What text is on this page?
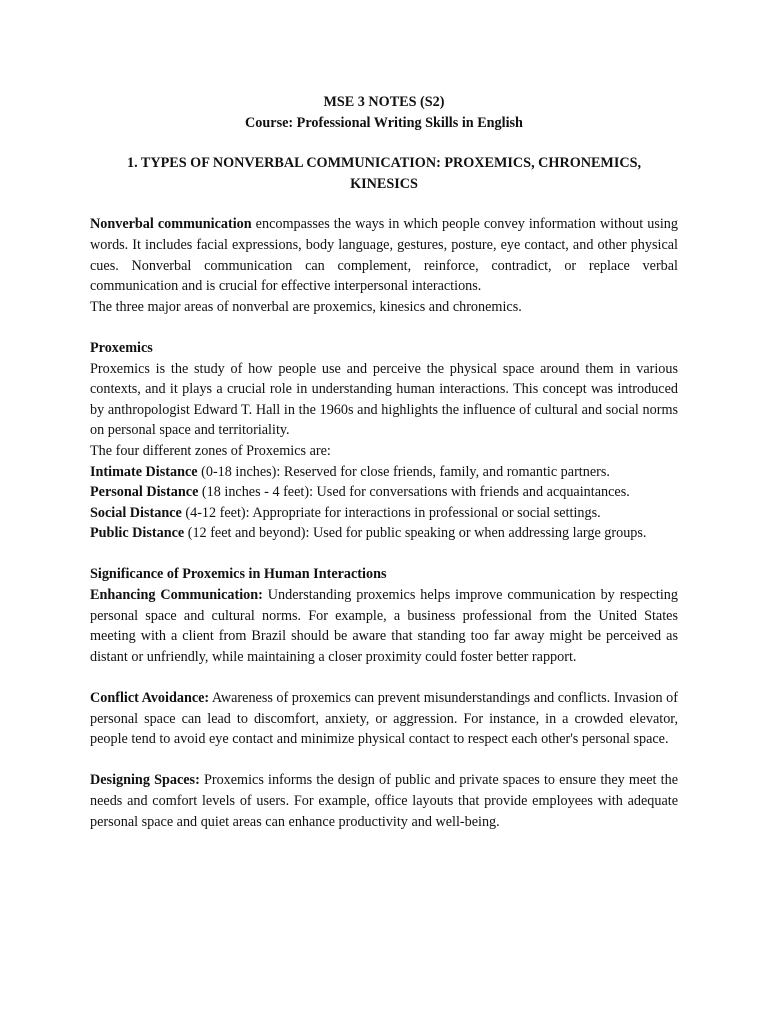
MSE 3 NOTES (S2)
Course: Professional Writing Skills in English
1. TYPES OF NONVERBAL COMMUNICATION: PROXEMICS, CHRONEMICS,
KINESICS

Nonverbal communication encompasses the ways in which people convey information without using words. It includes facial expressions, body language, gestures, posture, eye contact, and other physical cues. Nonverbal communication can complement, reinforce, contradict, or replace verbal communication and is crucial for effective interpersonal interactions.

The three major areas of nonverbal are proxemics, kinesics and chronemics.

Proxemics

Proxemics is the study of how people use and perceive the physical space around them in various contexts, and it plays a crucial role in understanding human interactions. This concept was introduced by anthropologist Edward T. Hall in the 1960s and highlights the influence of cultural and social norms on personal space and territoriality.

The four different zones of Proxemics are:

Intimate Distance (0-18 inches): Reserved for close friends, family, and romantic partners.

Personal Distance (18 inches - 4 feet): Used for conversations with friends and acquaintances.

Social Distance (4-12 feet): Appropriate for interactions in professional or social settings.

Public Distance (12 feet and beyond): Used for public speaking or when addressing large groups.

Significance of Proxemics in Human Interactions

Enhancing Communication: Understanding proxemics helps improve communication by respecting personal space and cultural norms. For example, a business professional from the United States meeting with a client from Brazil should be aware that standing too far away might be perceived as distant or unfriendly, while maintaining a closer proximity could foster better rapport.

Conflict Avoidance: Awareness of proxemics can prevent misunderstandings and conflicts. Invasion of personal space can lead to discomfort, anxiety, or aggression. For instance, in a crowded elevator, people tend to avoid eye contact and minimize physical contact to respect each other's personal space.

Designing Spaces: Proxemics informs the design of public and private spaces to ensure they meet the needs and comfort levels of users. For example, office layouts that provide employees with adequate personal space and quiet areas can enhance productivity and well-being.
